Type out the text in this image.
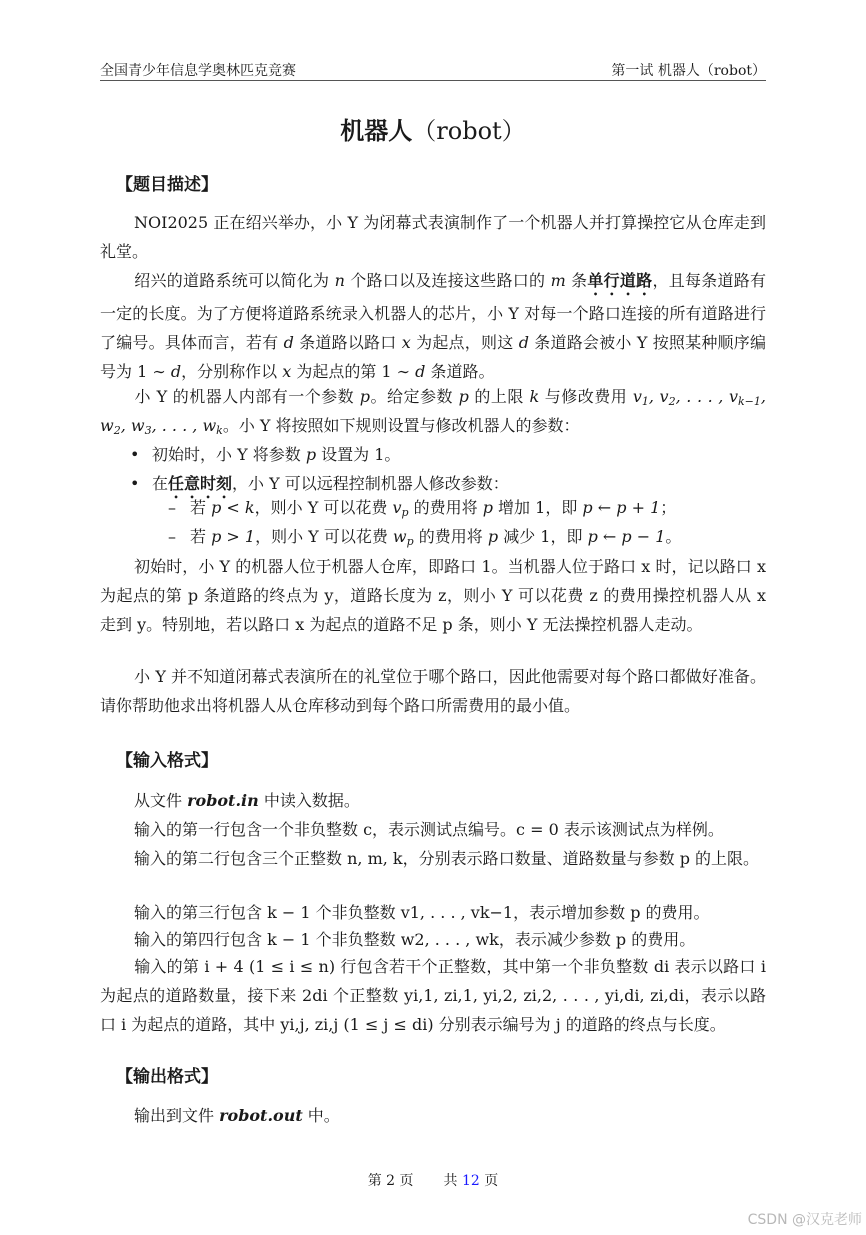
全国青少年信息学奥林匹克竞赛	第一试 机器人（robot）
机器人（robot）
【题目描述】
NOI2025 正在绍兴举办，小 Y 为闭幕式表演制作了一个机器人并打算操控它从仓库走到礼堂。
绍兴的道路系统可以简化为 n 个路口以及连接这些路口的 m 条单行道路，且每条道路有一定的长度。为了方便将道路系统录入机器人的芯片，小 Y 对每一个路口连接的所有道路进行了编号。具体而言，若有 d 条道路以路口 x 为起点，则这 d 条道路会被小 Y 按照某种顺序编号为 1 ∼ d，分别称作以 x 为起点的第 1 ∼ d 条道路。
小 Y 的机器人内部有一个参数 p。给定参数 p 的上限 k 与修改费用 $v_1$, $v_2$, . . . , $v_{k-1}$, $w_2$, $w_3$, . . . , $w_k$。小 Y 将按照如下规则设置与修改机器人的参数：
• 初始时，小 Y 将参数 p 设置为 1。
• 在任意时刻，小 Y 可以远程控制机器人修改参数：
– 若 p < k，则小 Y 可以花费 $v_p$ 的费用将 p 增加 1，即 p ← p + 1；
– 若 p > 1，则小 Y 可以花费 $w_p$ 的费用将 p 减少 1，即 p ← p − 1。
初始时，小 Y 的机器人位于机器人仓库，即路口 1。当机器人位于路口 x 时，记以路口 x 为起点的第 p 条道路的终点为 y，道路长度为 z，则小 Y 可以花费 z 的费用操控机器人从 x 走到 y。特别地，若以路口 x 为起点的道路不足 p 条，则小 Y 无法操控机器人走动。
小 Y 并不知道闭幕式表演所在的礼堂位于哪个路口，因此他需要对每个路口都做好准备。请你帮助他求出将机器人从仓库移动到每个路口所需费用的最小值。
【输入格式】
从文件 robot.in 中读入数据。
输入的第一行包含一个非负整数 c，表示测试点编号。c = 0 表示该测试点为样例。
输入的第二行包含三个正整数 n, m, k，分别表示路口数量、道路数量与参数 p 的上限。
输入的第三行包含 k − 1 个非负整数 v1, . . . , vk−1，表示增加参数 p 的费用。
输入的第四行包含 k − 1 个非负整数 w2, . . . , wk，表示减少参数 p 的费用。
输入的第 i + 4 (1 ≤ i ≤ n) 行包含若干个正整数，其中第一个非负整数 di 表示以路口 i 为起点的道路数量，接下来 2di 个正整数 yi,1, zi,1, yi,2, zi,2, . . . , yi,di, zi,di，表示以路口 i 为起点的道路，其中 yi,j, zi,j (1 ≤ j ≤ di) 分别表示编号为 j 的道路的终点与长度。
【输出格式】
输出到文件 robot.out 中。
第 2 页 共 12 页
CSDN @汉克老师
